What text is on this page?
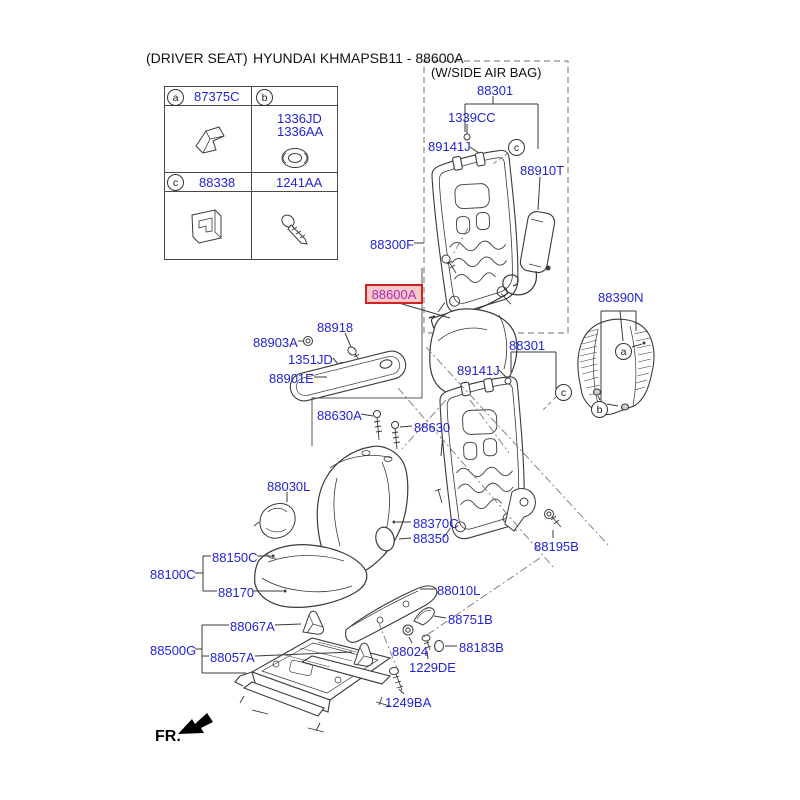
(DRIVER SEAT) HYUNDAI KHMAPSB11 - 88600A
(W/SIDE AIR BAG)
a	87375C	b
1336JD
1336AA
c	88338	1241AA
88301
1339CC
89141J	c
88910T
88300F
88600A
88918
88903A
1351JD
88901E
88630A
88630
88301
89141J
c
88390N
a
b
88030L
88370C
88350
88195B
88150C
88100C
88170	88010L
88751B
88024 88183B
1229DE
1249BA
88067A
88500G 88057A
FR.
